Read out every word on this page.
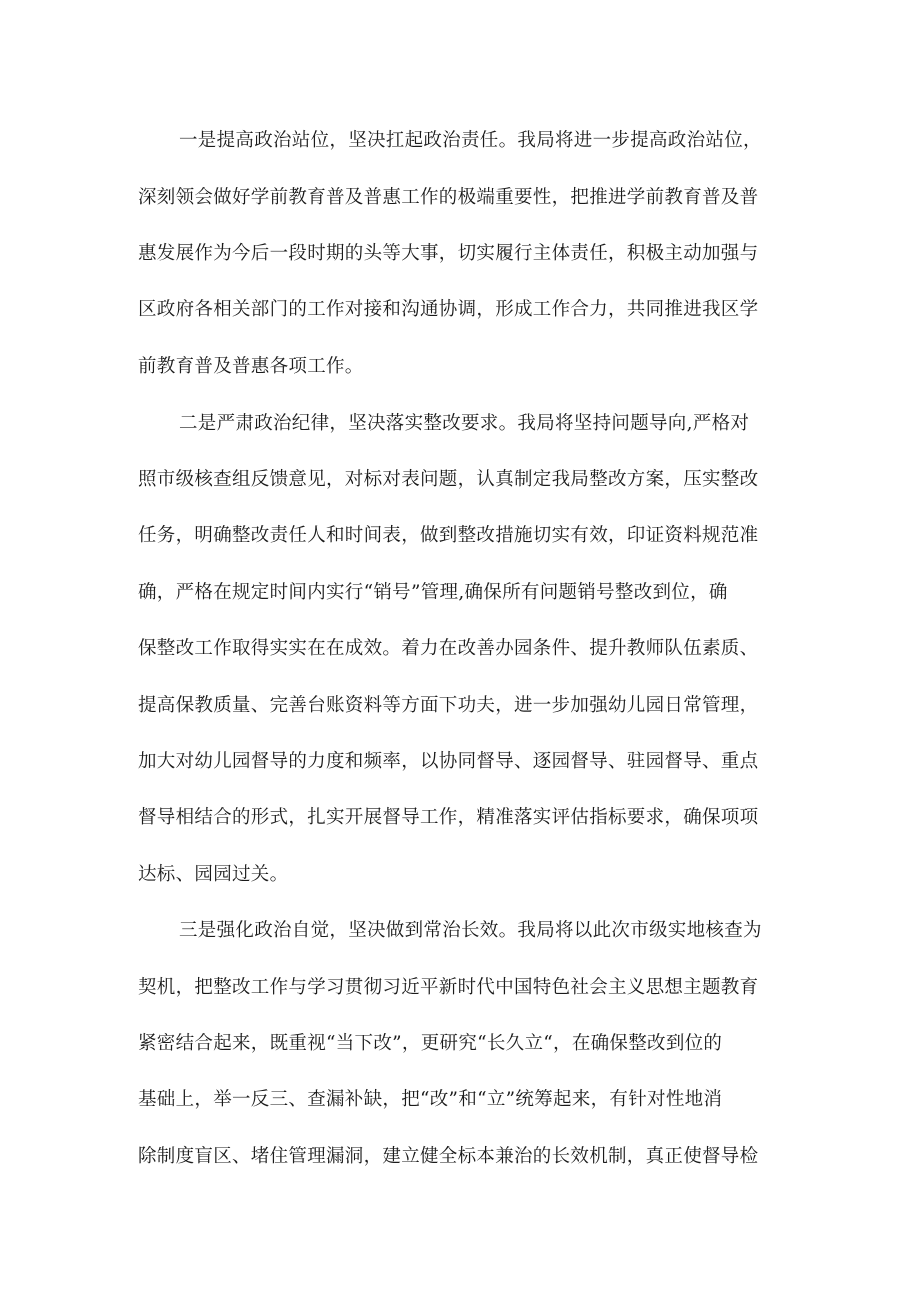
一是提高政治站位，坚决扛起政治责任。我局将进一步提高政治站位，
深刻领会做好学前教育普及普惠工作的极端重要性，把推进学前教育普及普
惠发展作为今后一段时期的头等大事，切实履行主体责任，积极主动加强与
区政府各相关部门的工作对接和沟通协调，形成工作合力，共同推进我区学
前教育普及普惠各项工作。
二是严肃政治纪律，坚决落实整改要求。我局将坚持问题导向,严格对
照市级核查组反馈意见，对标对表问题，认真制定我局整改方案，压实整改
任务，明确整改责任人和时间表，做到整改措施切实有效，印证资料规范准
确，严格在规定时间内实行“销号”管理,确保所有问题销号整改到位，确
保整改工作取得实实在在成效。着力在改善办园条件、提升教师队伍素质、
提高保教质量、完善台账资料等方面下功夫，进一步加强幼儿园日常管理，
加大对幼儿园督导的力度和频率，以协同督导、逐园督导、驻园督导、重点
督导相结合的形式，扎实开展督导工作，精准落实评估指标要求，确保项项
达标、园园过关。
三是强化政治自觉，坚决做到常治长效。我局将以此次市级实地核查为
契机，把整改工作与学习贯彻习近平新时代中国特色社会主义思想主题教育
紧密结合起来，既重视“当下改”，更研究“长久立“，在确保整改到位的
基础上，举一反三、查漏补缺，把“改”和“立”统筹起来，有针对性地消
除制度盲区、堵住管理漏洞，建立健全标本兼治的长效机制，真正使督导检
